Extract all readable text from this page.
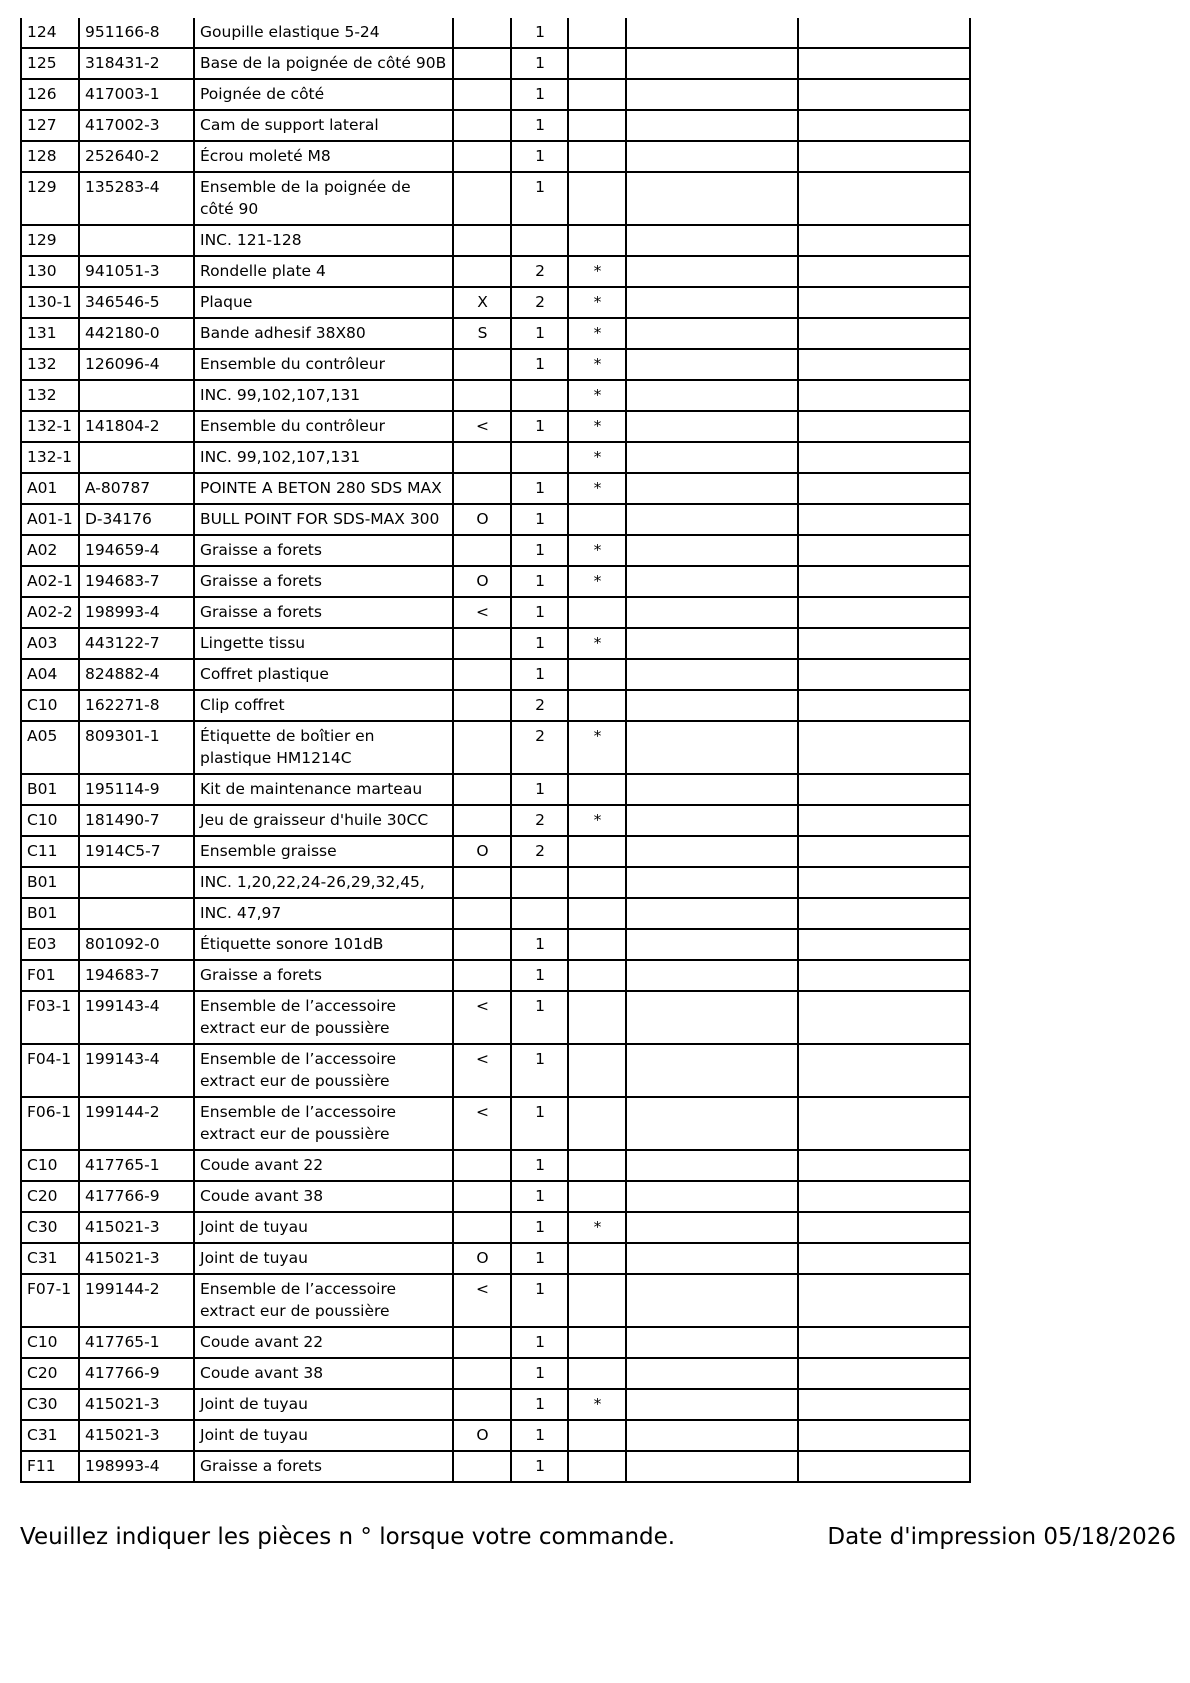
124	951166-8	Goupille elastique 5-24		1			
125	318431-2	Base de la poignée de côté 90B		1			
126	417003-1	Poignée de côté		1			
127	417002-3	Cam de support lateral		1			
128	252640-2	Écrou moleté M8		1			
129	135283-4	Ensemble de la poignée de côté 90		1			
129		INC. 121-128					
130	941051-3	Rondelle plate 4		2	*		
130-1	346546-5	Plaque	X	2	*		
131	442180-0	Bande adhesif 38X80	S	1	*		
132	126096-4	Ensemble du contrôleur		1	*		
132		INC. 99,102,107,131			*		
132-1	141804-2	Ensemble du contrôleur	<	1	*		
132-1		INC. 99,102,107,131			*		
A01	A-80787	POINTE A BETON 280 SDS MAX		1	*		
A01-1	D-34176	BULL POINT FOR SDS-MAX 300	O	1			
A02	194659-4	Graisse a forets		1	*		
A02-1	194683-7	Graisse a forets	O	1	*		
A02-2	198993-4	Graisse a forets	<	1			
A03	443122-7	Lingette tissu		1	*		
A04	824882-4	Coffret plastique		1			
C10	162271-8	Clip coffret		2			
A05	809301-1	Étiquette de boîtier en plastique HM1214C		2	*		
B01	195114-9	Kit de maintenance marteau		1			
C10	181490-7	Jeu de graisseur d'huile 30CC		2	*		
C11	1914C5-7	Ensemble graisse	O	2			
B01		INC. 1,20,22,24-26,29,32,45,					
B01		INC. 47,97					
E03	801092-0	Étiquette sonore 101dB		1			
F01	194683-7	Graisse a forets		1			
F03-1	199143-4	Ensemble de l’accessoire extract eur de poussière	<	1			
F04-1	199143-4	Ensemble de l’accessoire extract eur de poussière	<	1			
F06-1	199144-2	Ensemble de l’accessoire extract eur de poussière	<	1			
C10	417765-1	Coude avant 22		1			
C20	417766-9	Coude avant 38		1			
C30	415021-3	Joint de tuyau		1	*		
C31	415021-3	Joint de tuyau	O	1			
F07-1	199144-2	Ensemble de l’accessoire extract eur de poussière	<	1			
C10	417765-1	Coude avant 22		1			
C20	417766-9	Coude avant 38		1			
C30	415021-3	Joint de tuyau		1	*		
C31	415021-3	Joint de tuyau	O	1			
F11	198993-4	Graisse a forets		1			
Veuillez indiquer les pièces n ° lorsque votre commande.	Date d'impression 05/18/2026
